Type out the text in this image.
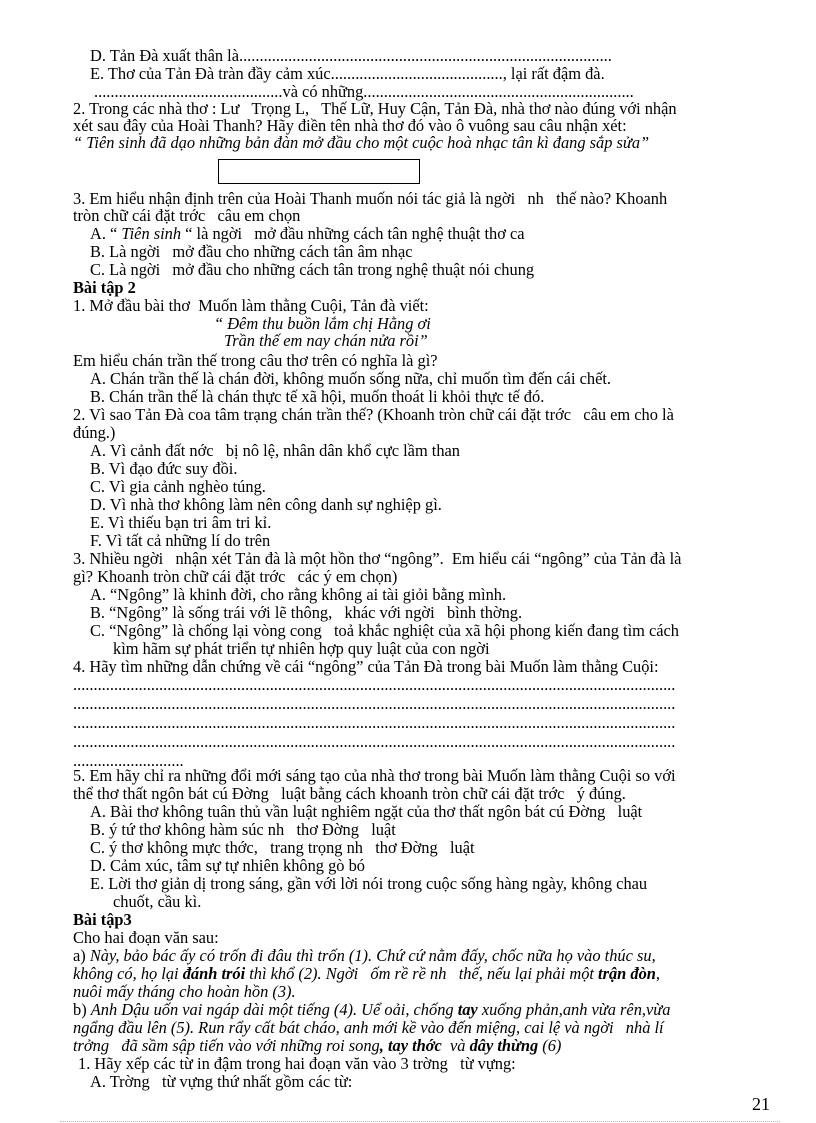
D. Tản Đà xuất thân là...........................................................................................
E. Thơ của Tản Đà tràn đầy cảm xúc.........................................., lại rất đậm đà.
..............................................và có những..................................................................
2. Trong các nhà thơ : Lư   Trọng L,   Thế Lữ, Huy Cận, Tản Đà, nhà thơ nào đúng với nhận
xét sau đây của Hoài Thanh? Hãy điền tên nhà thơ đó vào ô vuông sau câu nhận xét:
“ Tiên sinh đã dạo những bản đàn mở đầu cho một cuộc hoà nhạc tân kì đang sắp sửa”
3. Em hiểu nhận định trên của Hoài Thanh muốn nói tác giả là ngời   nh   thế nào? Khoanh
tròn chữ cái đặt trớc   câu em chọn
A. “ Tiên sinh “ là ngời   mở đầu những cách tân nghệ thuật thơ ca
B. Là ngời   mở đầu cho những cách tân âm nhạc
C. Là ngời   mở đầu cho những cách tân trong nghệ thuật nói chung
Bài tập 2
1. Mở đầu bài thơ  Muốn làm thằng Cuội, Tản đà viết:
“ Đêm thu buồn lắm chị Hằng ơi
Trần thế em nay chán nửa rồi”
Em hiểu chán trần thế trong câu thơ trên có nghĩa là gì?
A. Chán trần thế là chán đời, không muốn sống nữa, chỉ muốn tìm đến cái chết.
B. Chán trần thế là chán thực tế xã hội, muốn thoát li khỏi thực tế đó.
2. Vì sao Tản Đà coa tâm trạng chán trần thế? (Khoanh tròn chữ cái đặt trớc   câu em cho là
đúng.)
A. Vì cảnh đất nớc   bị nô lệ, nhân dân khổ cực lầm than
B. Vì đạo đức suy đồi.
C. Vì gia cảnh nghèo túng.
D. Vì nhà thơ không làm nên công danh sự nghiệp gì.
E. Vì thiếu bạn tri âm tri kỉ.
F. Vì tất cả những lí do trên
3. Nhiều ngời   nhận xét Tản đà là một hồn thơ “ngông”.  Em hiểu cái “ngông” của Tản đà là
gì? Khoanh tròn chữ cái đặt trớc   các ý em chọn)
A. “Ngông” là khinh đời, cho rằng không ai tài giỏi bằng mình.
B. “Ngông” là sống trái với lẽ thông,   khác với ngời   bình thờng.
C. “Ngông” là chống lại vòng cong   toả khắc nghiệt của xã hội phong kiến đang tìm cách
kìm hãm sự phát triển tự nhiên hợp quy luật của con ngời
4. Hãy tìm những dẫn chứng về cái “ngông” của Tản Đà trong bài Muốn làm thằng Cuội:
...................................................................................................................................................
...................................................................................................................................................
...................................................................................................................................................
...................................................................................................................................................
...........................
5. Em hãy chỉ ra những đổi mới sáng tạo của nhà thơ trong bài Muốn làm thằng Cuội so với
thể thơ thất ngôn bát cú Đờng   luật bằng cách khoanh tròn chữ cái đặt trớc   ý đúng.
A. Bài thơ không tuân thủ vần luật nghiêm ngặt của thơ thất ngôn bát cú Đờng   luật
B. ý tứ thơ không hàm súc nh   thơ Đờng   luật
C. ý thơ không mực thớc,   trang trọng nh   thơ Đờng   luật
D. Cảm xúc, tâm sự tự nhiên không gò bó
E. Lời thơ giản dị trong sáng, gần với lời nói trong cuộc sống hàng ngày, không chau
chuốt, cầu kì.
Bài tập3
Cho hai đoạn văn sau:
a) Này, bảo bác ấy có trốn đi đâu thì trốn (1). Chứ cứ nằm đấy, chốc nữa họ vào thúc su,
không có, họ lại đánh trói thì khổ (2). Ngời   ốm rề rề nh   thế, nếu lại phải một trận đòn,
nuôi mấy tháng cho hoàn hồn (3).
b) Anh Dậu uốn vai ngáp dài một tiếng (4). Uể oải, chống tay xuống phản,anh vừa rên,vừa
ngẩng đầu lên (5). Run rẩy cất bát cháo, anh mới kề vào đến miệng, cai lệ và ngời   nhà lí
trởng   đã sầm sập tiến vào với những roi song, tay thớc  và dây thừng (6)
1. Hãy xếp các từ in đậm trong hai đoạn văn vào 3 trờng   từ vựng:
A. Trờng   từ vựng thứ nhất gồm các từ:
21
